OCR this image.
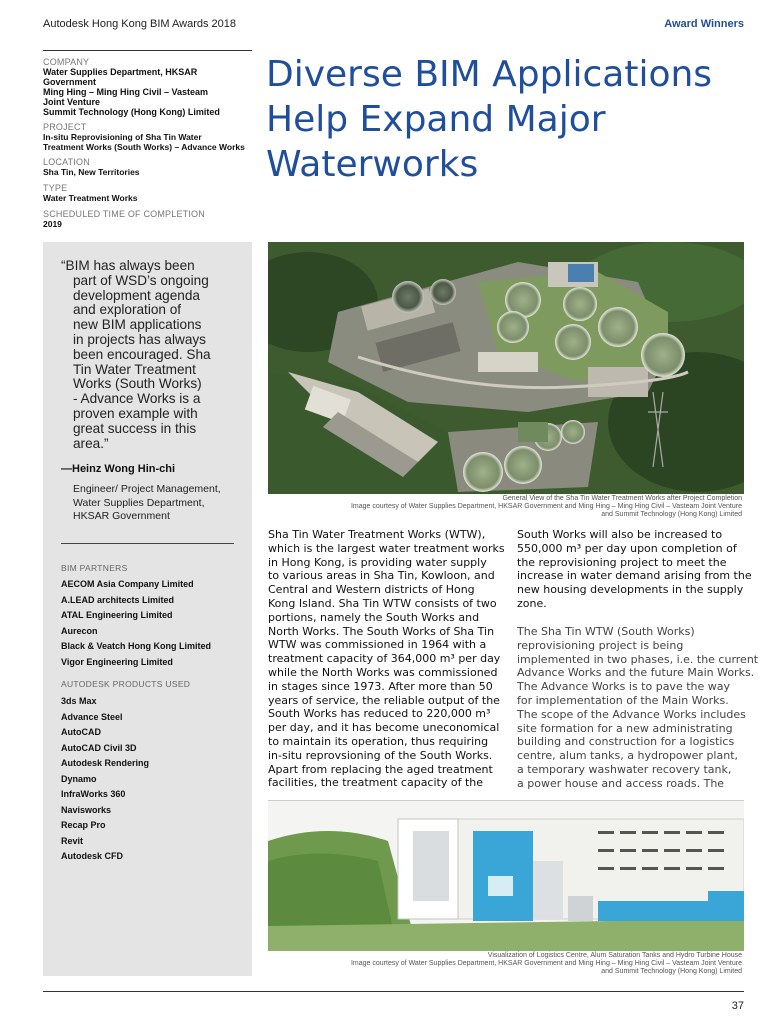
Autodesk Hong Kong BIM Awards 2018	Award Winners
COMPANY
Water Supplies Department, HKSAR
Government
Ming Hing – Ming Hing Civil – Vasteam
Joint Venture
Summit Technology (Hong Kong) Limited
PROJECT
In-situ Reprovisioning of Sha Tin Water
Treatment Works (South Works) – Advance Works
LOCATION
Sha Tin, New Territories
TYPE
Water Treatment Works
SCHEDULED TIME OF COMPLETION
2019
Diverse BIM Applications
Help Expand Major
Waterworks
“BIM has always been
part of WSD’s ongoing
development agenda
and exploration of
new BIM applications
in projects has always
been encouraged. Sha
Tin Water Treatment
Works (South Works)
- Advance Works is a
proven example with
great success in this
area.”
—Heinz Wong Hin-chi
Engineer/ Project Management,
Water Supplies Department,
HKSAR Government
BIM PARTNERS
AECOM Asia Company Limited
A.LEAD architects Limited
ATAL Engineering Limited
Aurecon
Black & Veatch Hong Kong Limited
Vigor Engineering Limited
AUTODESK PRODUCTS USED
3ds Max
Advance Steel
AutoCAD
AutoCAD Civil 3D
Autodesk Rendering
Dynamo
InfraWorks 360
Navisworks
Recap Pro
Revit
Autodesk CFD
General View of the Sha Tin Water Treatment Works after Project Completion
Image courtesy of Water Supplies Department, HKSAR Government and Ming Hing – Ming Hing Civil – Vasteam Joint Venture
and Summit Technology (Hong Kong) Limited
Sha Tin Water Treatment Works (WTW),
which is the largest water treatment works
in Hong Kong, is providing water supply
to various areas in Sha Tin, Kowloon, and
Central and Western districts of Hong
Kong Island. Sha Tin WTW consists of two
portions, namely the South Works and
North Works. The South Works of Sha Tin
WTW was commissioned in 1964 with a
treatment capacity of 364,000 m³ per day
while the North Works was commissioned
in stages since 1973. After more than 50
years of service, the reliable output of the
South Works has reduced to 220,000 m³
per day, and it has become uneconomical
to maintain its operation, thus requiring
in-situ reprovsioning of the South Works.
Apart from replacing the aged treatment
facilities, the treatment capacity of the
South Works will also be increased to
550,000 m³ per day upon completion of
the reprovisioning project to meet the
increase in water demand arising from the
new housing developments in the supply
zone.
The Sha Tin WTW (South Works)
reprovisioning project is being
implemented in two phases, i.e. the current
Advance Works and the future Main Works.
The Advance Works is to pave the way
for implementation of the Main Works.
The scope of the Advance Works includes
site formation for a new administrating
building and construction for a logistics
centre, alum tanks, a hydropower plant,
a temporary washwater recovery tank,
a power house and access roads. The
Visualization of Logistics Centre, Alum Saturation Tanks and Hydro Turbine House
Image courtesy of Water Supplies Department, HKSAR Government and Ming Hing – Ming Hing Civil – Vasteam Joint Venture
and Summit Technology (Hong Kong) Limited
37
